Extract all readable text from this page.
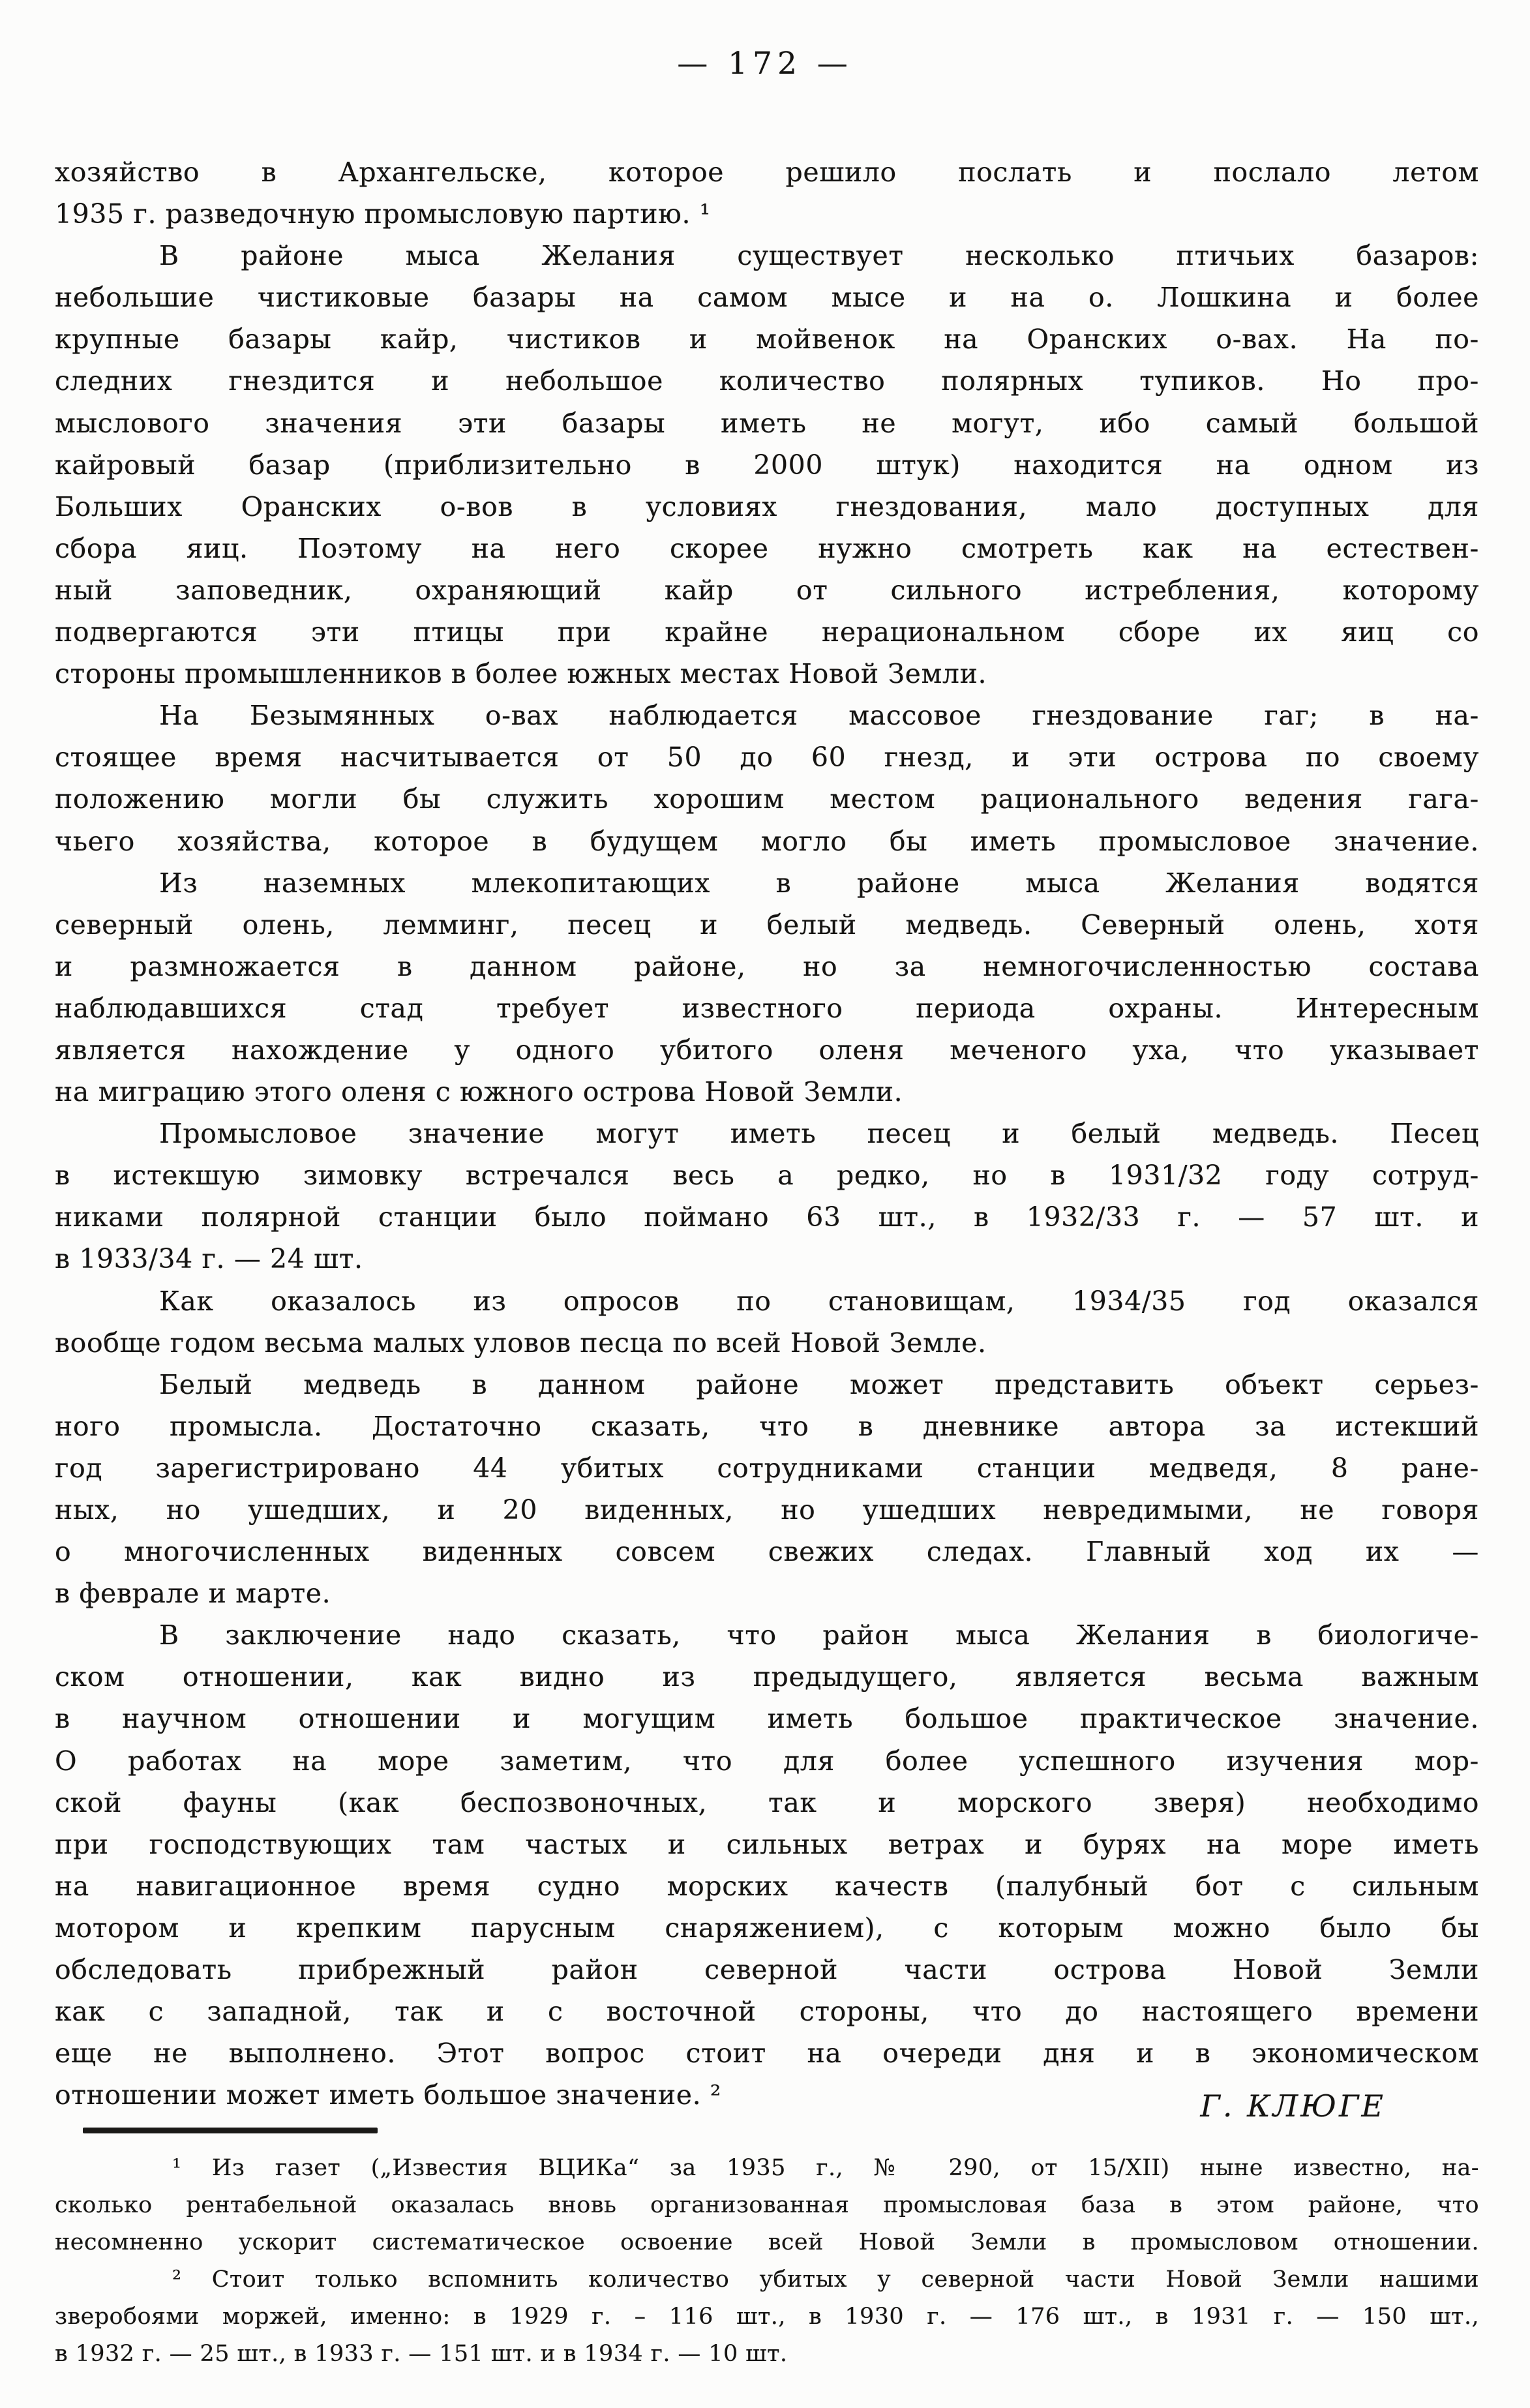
— 172 —
хозяйство в Архангельске, которое решило послать и послало летом
1935 г. разведочную промысловую партию. ¹
В районе мыса Желания существует несколько птичьих базаров:
небольшие чистиковые базары на самом мысе и на о. Лошкина и более
крупные базары кайр, чистиков и мойвенок на Оранских о-вах. На по-
следних гнездится и небольшое количество полярных тупиков. Но про-
мыслового значения эти базары иметь не могут, ибо самый большой
кайровый базар (приблизительно в 2000 штук) находится на одном из
Больших Оранских о-вов в условиях гнездования, мало доступных для
сбора яиц. Поэтому на него скорее нужно смотреть как на естествен-
ный заповедник, охраняющий кайр от сильного истребления, которому
подвергаются эти птицы при крайне нерациональном сборе их яиц со
стороны промышленников в более южных местах Новой Земли.
На Безымянных о-вах наблюдается массовое гнездование гаг; в на-
стоящее время насчитывается от 50 до 60 гнезд, и эти острова по своему
положению могли бы служить хорошим местом рационального ведения гага-
чьего хозяйства, которое в будущем могло бы иметь промысловое значение.
Из наземных млекопитающих в районе мыса Желания водятся
северный олень, лемминг, песец и белый медведь. Северный олень, хотя
и размножается в данном районе, но за немногочисленностью состава
наблюдавшихся стад требует известного периода охраны. Интересным
является нахождение у одного убитого оленя меченого уха, что указывает
на миграцию этого оленя с южного острова Новой Земли.
Промысловое значение могут иметь песец и белый медведь. Песец
в истекшую зимовку встречался весь а редко, но в 1931/32 году сотруд-
никами полярной станции было поймано 63 шт., в 1932/33 г. — 57 шт. и
в 1933/34 г. — 24 шт.
Как оказалось из опросов по становищам, 1934/35 год оказался
вообще годом весьма малых уловов песца по всей Новой Земле.
Белый медведь в данном районе может представить объект серьез-
ного промысла. Достаточно сказать, что в дневнике автора за истекший
год зарегистрировано 44 убитых сотрудниками станции медведя, 8 ране-
ных, но ушедших, и 20 виденных, но ушедших невредимыми, не говоря
о многочисленных виденных совсем свежих следах. Главный ход их —
в феврале и марте.
В заключение надо сказать, что район мыса Желания в биологиче-
ском отношении, как видно из предыдущего, является весьма важным
в научном отношении и могущим иметь большое практическое значение.
О работах на море заметим, что для более успешного изучения мор-
ской фауны (как беспозвоночных, так и морского зверя) необходимо
при господствующих там частых и сильных ветрах и бурях на море иметь
на навигационное время судно морских качеств (палубный бот с сильным
мотором и крепким парусным снаряжением), с которым можно было бы
обследовать прибрежный район северной части острова Новой Земли
как с западной, так и с восточной стороны, что до настоящего времени
еще не выполнено. Этот вопрос стоит на очереди дня и в экономическом
отношении может иметь большое значение. ²	Г. КЛЮГЕ
¹ Из газет („Известия ВЦИКа“ за 1935 г., № 290, от 15/XII) ныне известно, на-
сколько рентабельной оказалась вновь организованная промысловая база в этом районе, что
несомненно ускорит систематическое освоение всей Новой Земли в промысловом отношении.
² Стоит только вспомнить количество убитых у северной части Новой Земли нашими
зверобоями моржей, именно: в 1929 г. – 116 шт., в 1930 г. — 176 шт., в 1931 г. — 150 шт.,
в 1932 г. — 25 шт., в 1933 г. — 151 шт. и в 1934 г. — 10 шт.
